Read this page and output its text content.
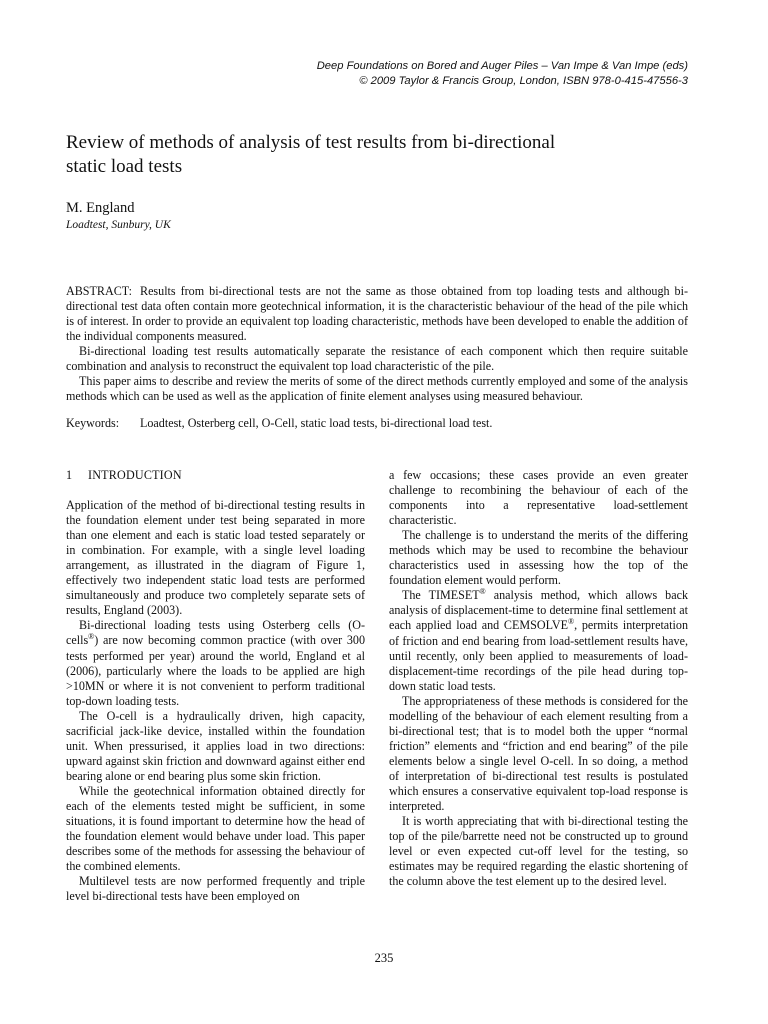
Deep Foundations on Bored and Auger Piles – Van Impe & Van Impe (eds)
© 2009 Taylor & Francis Group, London, ISBN 978-0-415-47556-3
Review of methods of analysis of test results from bi-directional
static load tests
M. England
Loadtest, Sunbury, UK

ABSTRACT: Results from bi-directional tests are not the same as those obtained from top loading tests and although bi-directional test data often contain more geotechnical information, it is the characteristic behaviour of the head of the pile which is of interest. In order to provide an equivalent top loading characteristic, methods have been developed to enable the addition of the individual components measured.

Bi-directional loading test results automatically separate the resistance of each component which then require suitable combination and analysis to reconstruct the equivalent top load characteristic of the pile.

This paper aims to describe and review the merits of some of the direct methods currently employed and some of the analysis methods which can be used as well as the application of finite element analyses using measured behaviour.

Keywords: Loadtest, Osterberg cell, O-Cell, static load tests, bi-directional load test.

1 INTRODUCTION

Application of the method of bi-directional testing results in the foundation element under test being separated in more than one element and each is static load tested separately or in combination. For example, with a single level loading arrangement, as illustrated in the diagram of Figure 1, effectively two independent static load tests are performed simultaneously and produce two completely separate sets of results, England (2003).

Bi-directional loading tests using Osterberg cells (O-cells®) are now becoming common practice (with over 300 tests performed per year) around the world, England et al (2006), particularly where the loads to be applied are high >10MN or where it is not convenient to perform traditional top-down loading tests.

The O-cell is a hydraulically driven, high capacity, sacrificial jack-like device, installed within the foundation unit. When pressurised, it applies load in two directions: upward against skin friction and downward against either end bearing alone or end bearing plus some skin friction.

While the geotechnical information obtained directly for each of the elements tested might be sufficient, in some situations, it is found important to determine how the head of the foundation element would behave under load. This paper describes some of the methods for assessing the behaviour of the combined elements.

Multilevel tests are now performed frequently and triple level bi-directional tests have been employed on

a few occasions; these cases provide an even greater challenge to recombining the behaviour of each of the components into a representative load-settlement characteristic.

The challenge is to understand the merits of the differing methods which may be used to recombine the behaviour characteristics used in assessing how the top of the foundation element would perform.

The TIMESET® analysis method, which allows back analysis of displacement-time to determine final settlement at each applied load and CEMSOLVE®, permits interpretation of friction and end bearing from load-settlement results have, until recently, only been applied to measurements of load-displacement-time recordings of the pile head during top-down static load tests.

The appropriateness of these methods is considered for the modelling of the behaviour of each element resulting from a bi-directional test; that is to model both the upper “normal friction” elements and “friction and end bearing” of the pile elements below a single level O-cell. In so doing, a method of interpretation of bi-directional test results is postulated which ensures a conservative equivalent top-load response is interpreted.

It is worth appreciating that with bi-directional testing the top of the pile/barrette need not be constructed up to ground level or even expected cut-off level for the testing, so estimates may be required regarding the elastic shortening of the column above the test element up to the desired level.

235
